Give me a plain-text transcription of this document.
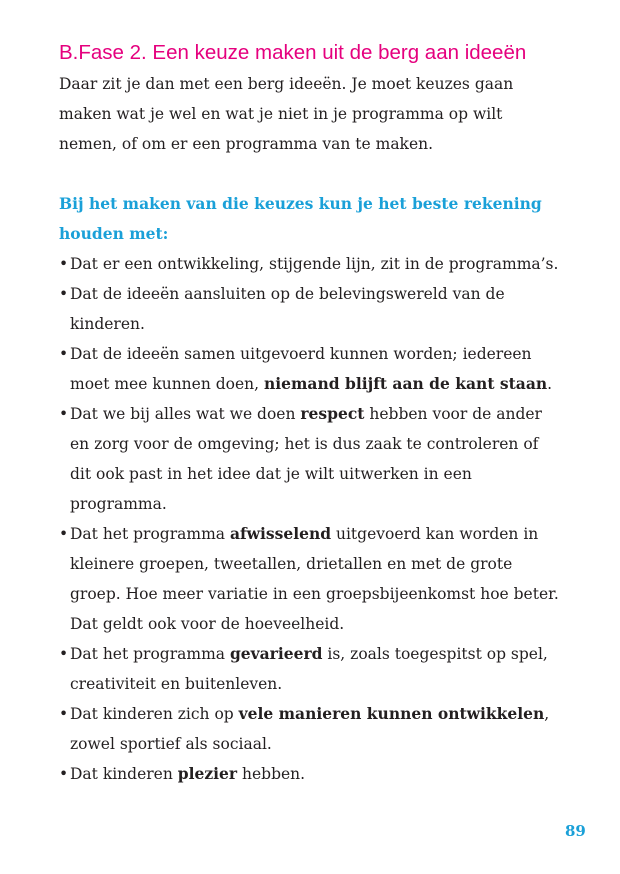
B.Fase 2. Een keuze maken uit de berg aan ideeën

Daar zit je dan met een berg ideeën. Je moet keuzes gaan maken wat je wel en wat je niet in je programma op wilt nemen, of om er een programma van te maken.

Bij het maken van die keuzes kun je het beste rekening houden met:

• Dat er een ontwikkeling, stijgende lijn, zit in de programma’s.
• Dat de ideeën aansluiten op de belevingswereld van de kinderen.
• Dat de ideeën samen uitgevoerd kunnen worden; iedereen moet mee kunnen doen, niemand blijft aan de kant staan.
• Dat we bij alles wat we doen respect hebben voor de ander en zorg voor de omgeving; het is dus zaak te controleren of dit ook past in het idee dat je wilt uitwerken in een programma.
• Dat het programma afwisselend uitgevoerd kan worden in kleinere groepen, tweetallen, drietallen en met de grote groep. Hoe meer variatie in een groepsbijeenkomst hoe beter. Dat geldt ook voor de hoeveelheid.
• Dat het programma gevarieerd is, zoals toegespitst op spel, creativiteit en buitenleven.
• Dat kinderen zich op vele manieren kunnen ontwikkelen, zowel sportief als sociaal.
• Dat kinderen plezier hebben.
89
